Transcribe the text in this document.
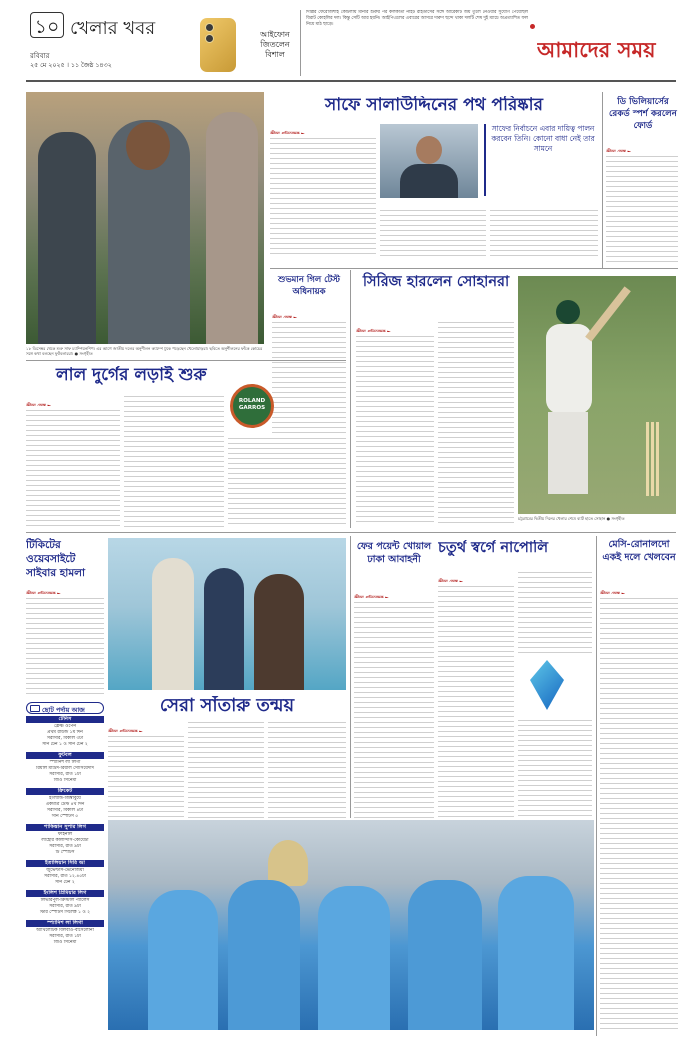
১০ খেলার খবর
রবিবার
২৫ মে ২০২৫ । ১১ জৈষ্ঠ ১৪৩২
আইফোন জিতলেন বিশাল

দিল্লির ফেরোজশাহ কোটলায় মানীর শুরুর পর কলকাতা নাইট রাইডার্সের সঙ্গে আরেকটি জয় তুলে নেওয়ার সুযোগ পেয়েছিল বিরাট কোহলির দল। কিন্তু সেটি আর হয়নি। আইপিএলের এবারের আসরে দারুণ ছন্দে থাকা দলটি শেষ দুই ম্যাচে অপ্রত্যাশিত ফল নিয়ে মাঠ ছাড়ে।

আমাদের সময়

১৮ ডিসেম্বর থেকে শুরু সাফ চ্যাম্পিয়নশিপ। এর আগে জাতীয় দলের অনুশীলন ক্যাম্পে ঢুকে পড়েছেন খেলোয়াড়রা। ছবিতে অনুশীলনের ফাঁকে কোচের সঙ্গে কথা বলছেন ফুটবলাররা। ● সংগৃহীত

সাফে সালাউদ্দিনের পথ পরিষ্কার

সাফের নির্বাচনে এবার দায়িত্ব পালন করবেন তিনি। কোনো বাধা নেই তার সামনে

ডি ভিলিয়ার্সের রেকর্ড স্পর্শ করলেন ফোর্ড
শুভমান গিল টেস্ট অধিনায়ক
সিরিজ হারলেন সোহানরা

চট্টগ্রামের দ্বিতীয় দিনের খেলার শেষে ব্যাট হাতে সোহান ● সংগৃহীত

লাল দুর্গের লড়াই শুরু
ROLAND GARROS
টিকিটের ওয়েবসাইটে সাইবার হামলা
সেরা সাঁতারু তন্ময়
ফের পয়েন্ট খোয়াল ঢাকা আবাহনী
চতুর্থ স্বর্গে নাপোলি	মেসি-রোনালদো একই দলে খেলবেন
ছোট পর্দায় আজ
টেনিস
ফ্রেঞ্চ ওপেন
প্রথম রাউন্ড ১ম দিন
সরাসরি, বিকাল ৩টা
সনি টেন ১ ও সনি টেন ২
ফুটবল
স্প্যানিশ লা লিগা
রিয়াল মাদ্রিদ-রিয়াল সোসিয়েদাদ
সরাসরি, রাত ১টা
জিও সিনেমা
ক্রিকেট
ইংল্যান্ড-জিম্বাবুয়ে
একমাত্র টেস্ট ৪র্থ দিন
সরাসরি, বিকাল ৪টা
সনি স্পোর্টস ৫
পাকিস্তান সুপার লিগ
ফাইনাল
লাহোর কালান্দার্স-কোয়েটা
সরাসরি, রাত ৯টা
টি স্পোর্টস
ইতালিয়ান সিরি আ
জুভেন্টাস-ভেনেজিয়া
সরাসরি, রাত ১২.৪৫টা
সনি টেন ২
ইংলিশ প্রিমিয়ার লিগ
লিভারপুল-ক্রিস্টাল প্যালেস
সরাসরি, রাত ৯টা
স্টার স্পোর্টস সিলেক্ট ১ ও ২
স্প্যানিশ লা লিগা
অ্যাথলেটিক বিলবাও-বার্সেলোনা
সরাসরি, রাত ১টা
জিও সিনেমা
